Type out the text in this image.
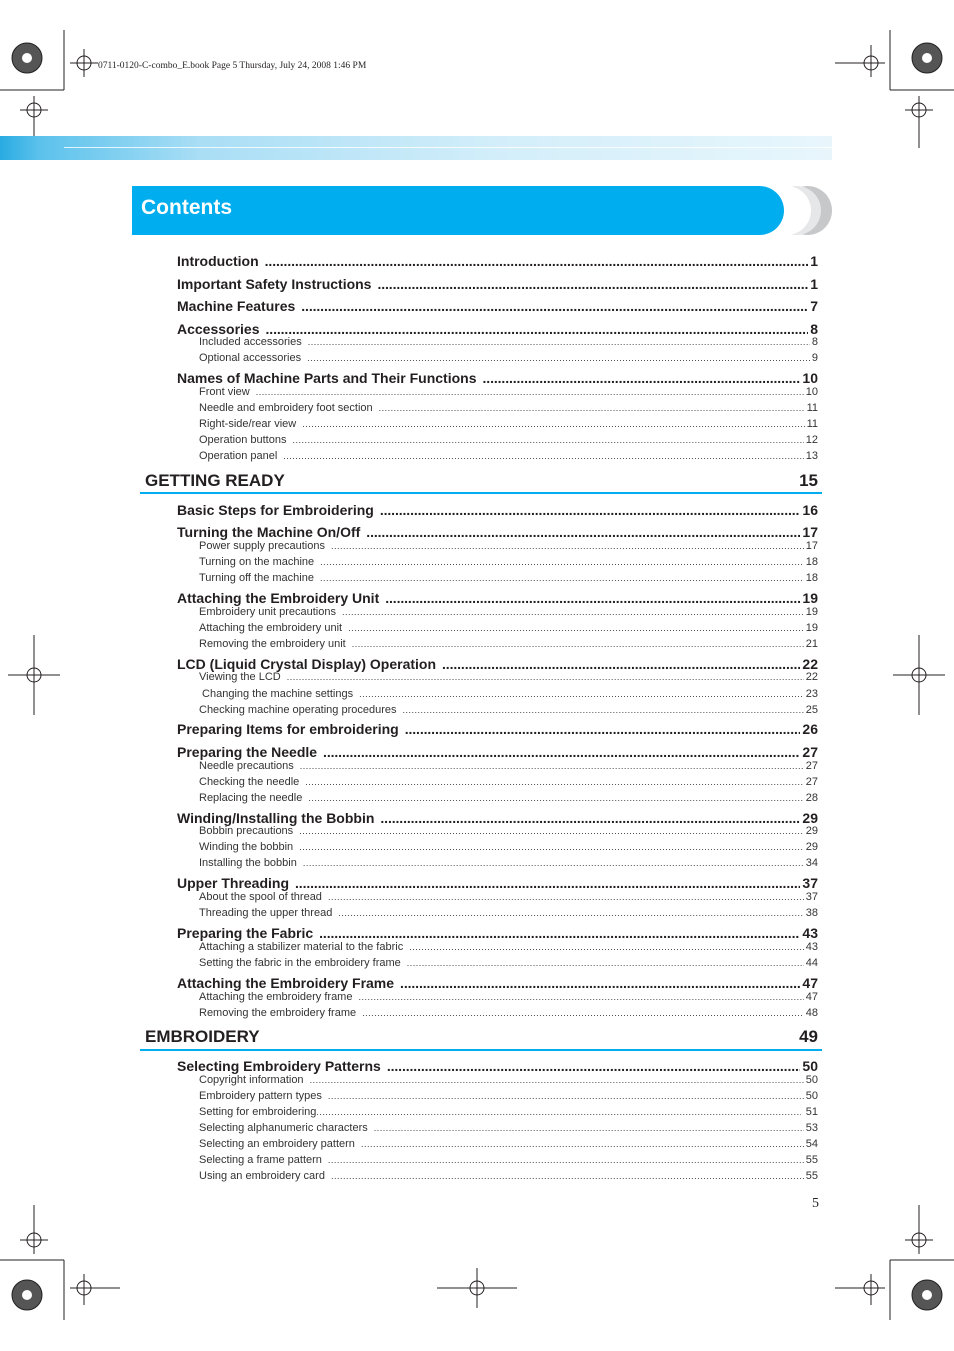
0711-0120-C-combo_E.book Page 5 Thursday, July 24, 2008 1:46 PM
Contents
Introduction . . .	1
Important Safety Instructions . . .	1
Machine Features . . .	7
Accessories . . .	8
Included accessories . . .	8
Optional accessories . . .	9
Names of Machine Parts and Their Functions . . .	10
Front view . . .	10
Needle and embroidery foot section . . .	11
Right-side/rear view . . .	11
Operation buttons . . .	12
Operation panel . . .	13
GETTING READY	15
Basic Steps for Embroidering . . .	16
Turning the Machine On/Off . . .	17
Power supply precautions . . .	17
Turning on the machine . . .	18
Turning off the machine . . .	18
Attaching the Embroidery Unit . . .	19
Embroidery unit precautions . . .	19
Attaching the embroidery unit . . .	19
Removing the embroidery unit . . .	21
LCD (Liquid Crystal Display) Operation . . .	22
Viewing the LCD . . .	22
Changing the machine settings . . .	23
Checking machine operating procedures . . .	25
Preparing Items for embroidering . . .	26
Preparing the Needle . . .	27
Needle precautions . . .	27
Checking the needle . . .	27
Replacing the needle . . .	28
Winding/Installing the Bobbin . . .	29
Bobbin precautions . . .	29
Winding the bobbin . . .	29
Installing the bobbin . . .	34
Upper Threading . . .	37
About the spool of thread . . .	37
Threading the upper thread . . .	38
Preparing the Fabric . . .	43
Attaching a stabilizer material to the fabric . . .	43
Setting the fabric in the embroidery frame . . .	44
Attaching the Embroidery Frame . . .	47
Attaching the embroidery frame . . .	47
Removing the embroidery frame . . .	48
EMBROIDERY	49
Selecting Embroidery Patterns . . .	50
Copyright information . . .	50
Embroidery pattern types . . .	50
Setting for embroidering . . .	51
Selecting alphanumeric characters . . .	53
Selecting an embroidery pattern . . .	54
Selecting a frame pattern . . .	55
Using an embroidery card . . .	55
5
